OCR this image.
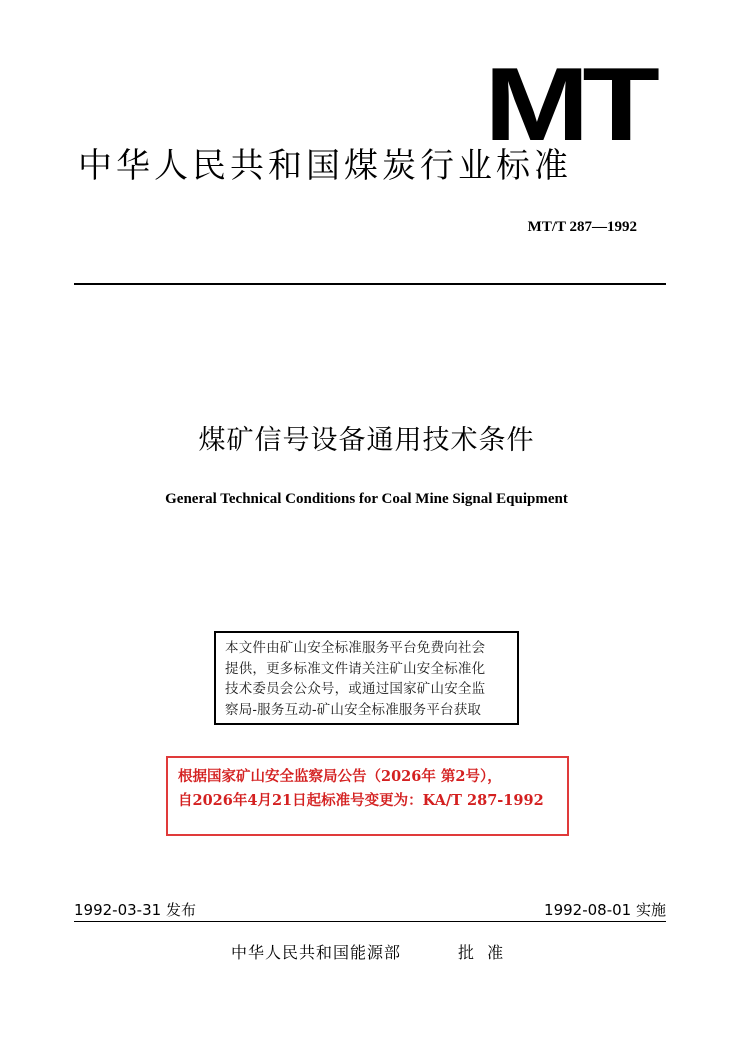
MT
中华人民共和国煤炭行业标准
MT/T 287—1992
煤矿信号设备通用技术条件
General Technical Conditions for Coal Mine Signal Equipment
本文件由矿山安全标准服务平台免费向社会
提供，更多标准文件请关注矿山安全标准化
技术委员会公众号，或通过国家矿山安全监
察局-服务互动-矿山安全标准服务平台获取
根据国家矿山安全监察局公告（2026年 第2号），
自2026年4月21日起标准号变更为：KA/T 287-1992
1992-03-31 发布	1992-08-01 实施
中华人民共和国能源部	批 准
